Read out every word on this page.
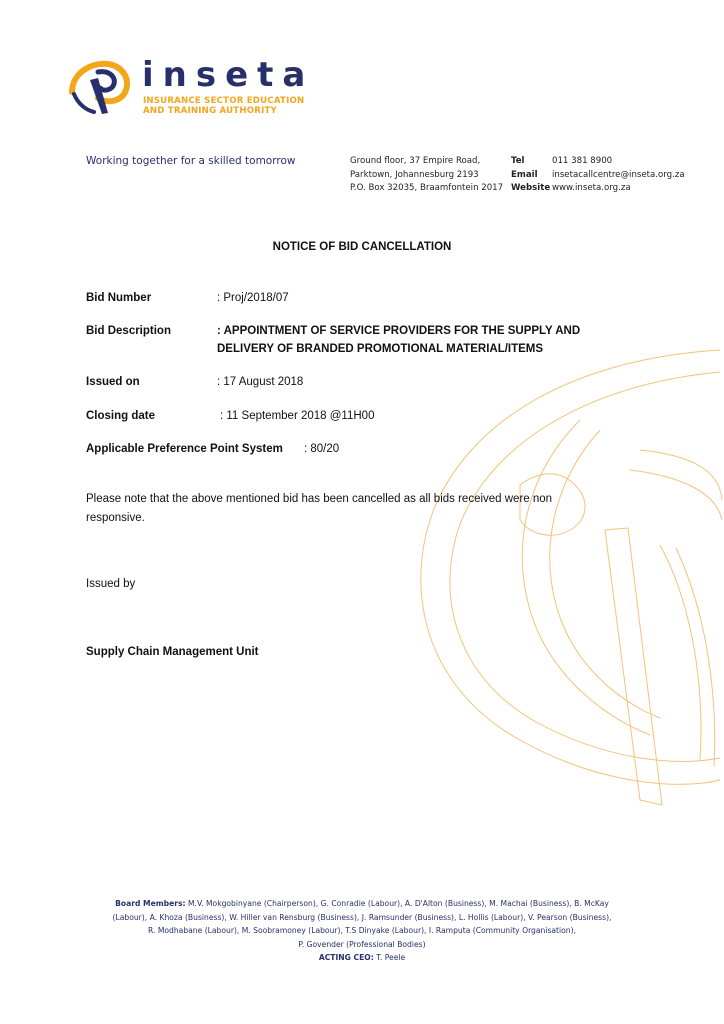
inseta
INSURANCE SECTOR EDUCATION
AND TRAINING AUTHORITY
Working together for a skilled tomorrow	Ground floor, 37 Empire Road,
Parktown, Johannesburg 2193
P.O. Box 32035, Braamfontein 2017
Tel	011 381 8900
Email	insetacallcentre@inseta.org.za
Website www.inseta.org.za
NOTICE OF BID CANCELLATION
Bid Number	: Proj/2018/07
Bid Description	: APPOINTMENT OF SERVICE PROVIDERS FOR THE SUPPLY AND
DELIVERY OF BRANDED PROMOTIONAL MATERIAL/ITEMS
Issued on	: 17 August 2018
Closing date	: 11 September 2018 @11H00
Applicable Preference Point System : 80/20
Please note that the above mentioned bid has been cancelled as all bids received were non
responsive.
Issued by
Supply Chain Management Unit
Board Members: M.V. Mokgobinyane (Chairperson), G. Conradie (Labour), A. D'Alton (Business), M. Machai (Business), B. McKay
(Labour), A. Khoza (Business), W. Hiller van Rensburg (Business), J. Ramsunder (Business), L. Hollis (Labour), V. Pearson (Business),
R. Modhabane (Labour), M. Soobramoney (Labour), T.S Dinyake (Labour), I. Ramputa (Community Organisation),
P. Govender (Professional Bodies)
ACTING CEO: T. Peele
